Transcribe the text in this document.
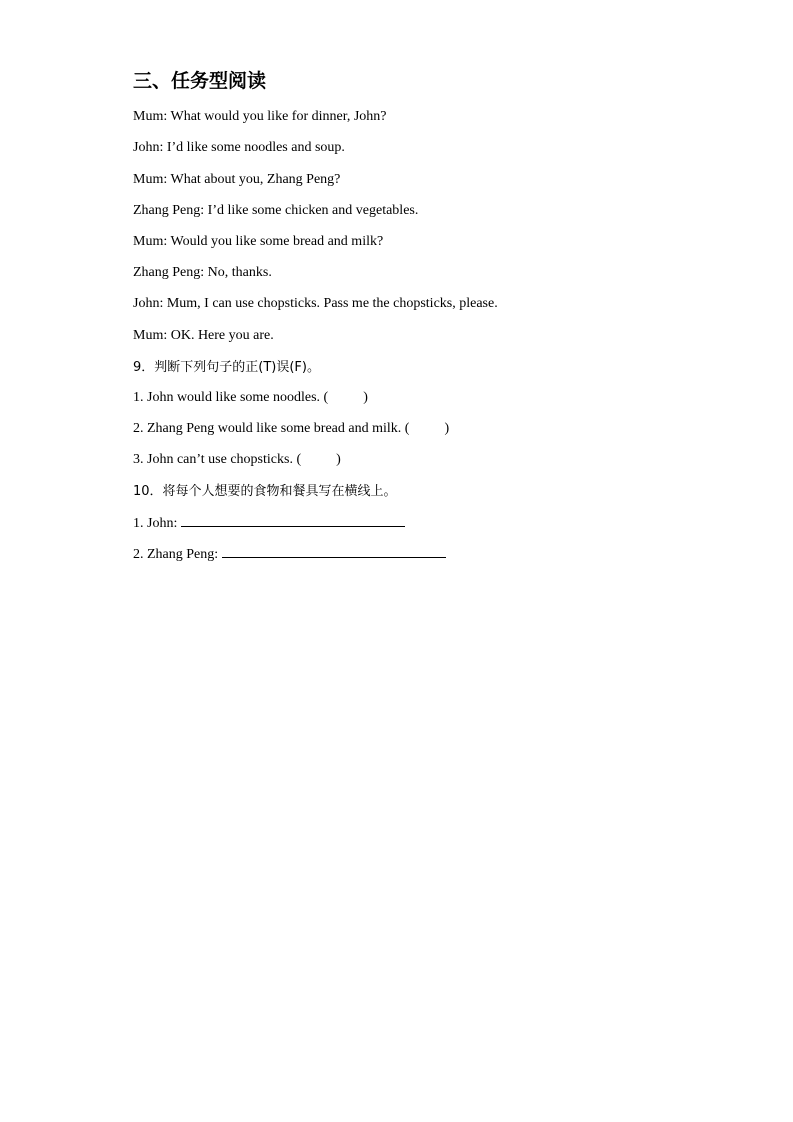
三、任务型阅读
Mum: What would you like for dinner, John?
John: I’d like some noodles and soup.
Mum: What about you, Zhang Peng?
Zhang Peng: I’d like some chicken and vegetables.
Mum: Would you like some bread and milk?
Zhang Peng: No, thanks.
John: Mum, I can use chopsticks. Pass me the chopsticks, please.
Mum: OK. Here you are.
9．判断下列句子的正(T)误(F)。
1. John would like some noodles. (	)
2. Zhang Peng would like some bread and milk. (	)
3. John can’t use chopsticks. (	)
10．将每个人想要的食物和餐具写在横线上。
1. John:
2. Zhang Peng:
